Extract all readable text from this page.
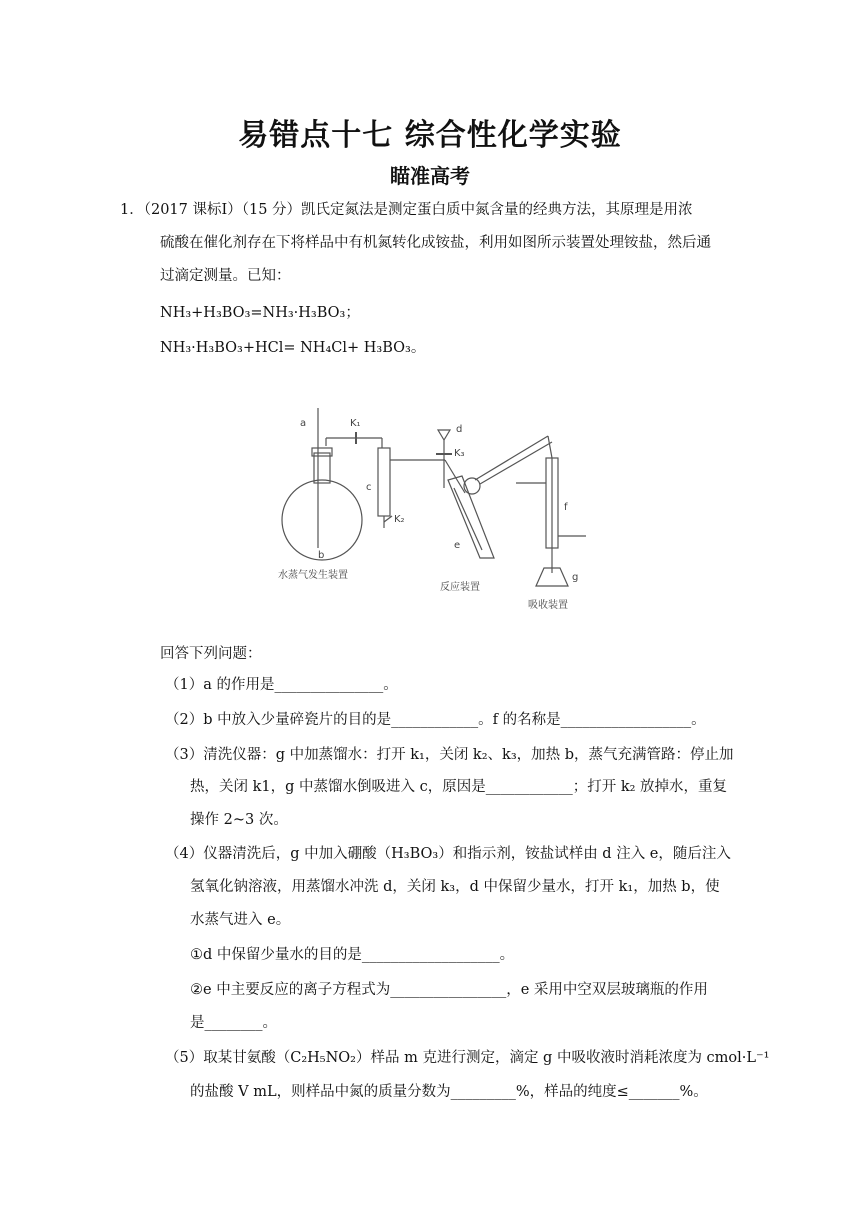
易错点十七 综合性化学实验
瞄准高考
1．（2017 课标Ⅰ）（15 分）凯氏定氮法是测定蛋白质中氮含量的经典方法，其原理是用浓
硫酸在催化剂存在下将样品中有机氮转化成铵盐，利用如图所示装置处理铵盐，然后通
过滴定测量。已知：
NH₃+H₃BO₃=NH₃·H₃BO₃；
NH₃·H₃BO₃+HCl= NH₄Cl+ H₃BO₃。
a	K₁
b
c
K₂
d
K₃
e
f
g
水蒸气发生装置
反应装置
吸收装置
回答下列问题：
（1）a 的作用是_______________。
（2）b 中放入少量碎瓷片的目的是____________。f 的名称是__________________。
（3）清洗仪器：g 中加蒸馏水：打开 k₁，关闭 k₂、k₃，加热 b，蒸气充满管路：停止加
热，关闭 k1，g 中蒸馏水倒吸进入 c，原因是____________；打开 k₂ 放掉水，重复
操作 2~3 次。
（4）仪器清洗后，g 中加入硼酸（H₃BO₃）和指示剂，铵盐试样由 d 注入 e，随后注入
氢氧化钠溶液，用蒸馏水冲洗 d，关闭 k₃，d 中保留少量水，打开 k₁，加热 b，使
水蒸气进入 e。
①d 中保留少量水的目的是___________________。
②e 中主要反应的离子方程式为________________，e 采用中空双层玻璃瓶的作用
是________。
（5）取某甘氨酸（C₂H₅NO₂）样品 m 克进行测定，滴定 g 中吸收液时消耗浓度为 cmol·L⁻¹
的盐酸 V mL，则样品中氮的质量分数为_________%，样品的纯度≤_______%。
